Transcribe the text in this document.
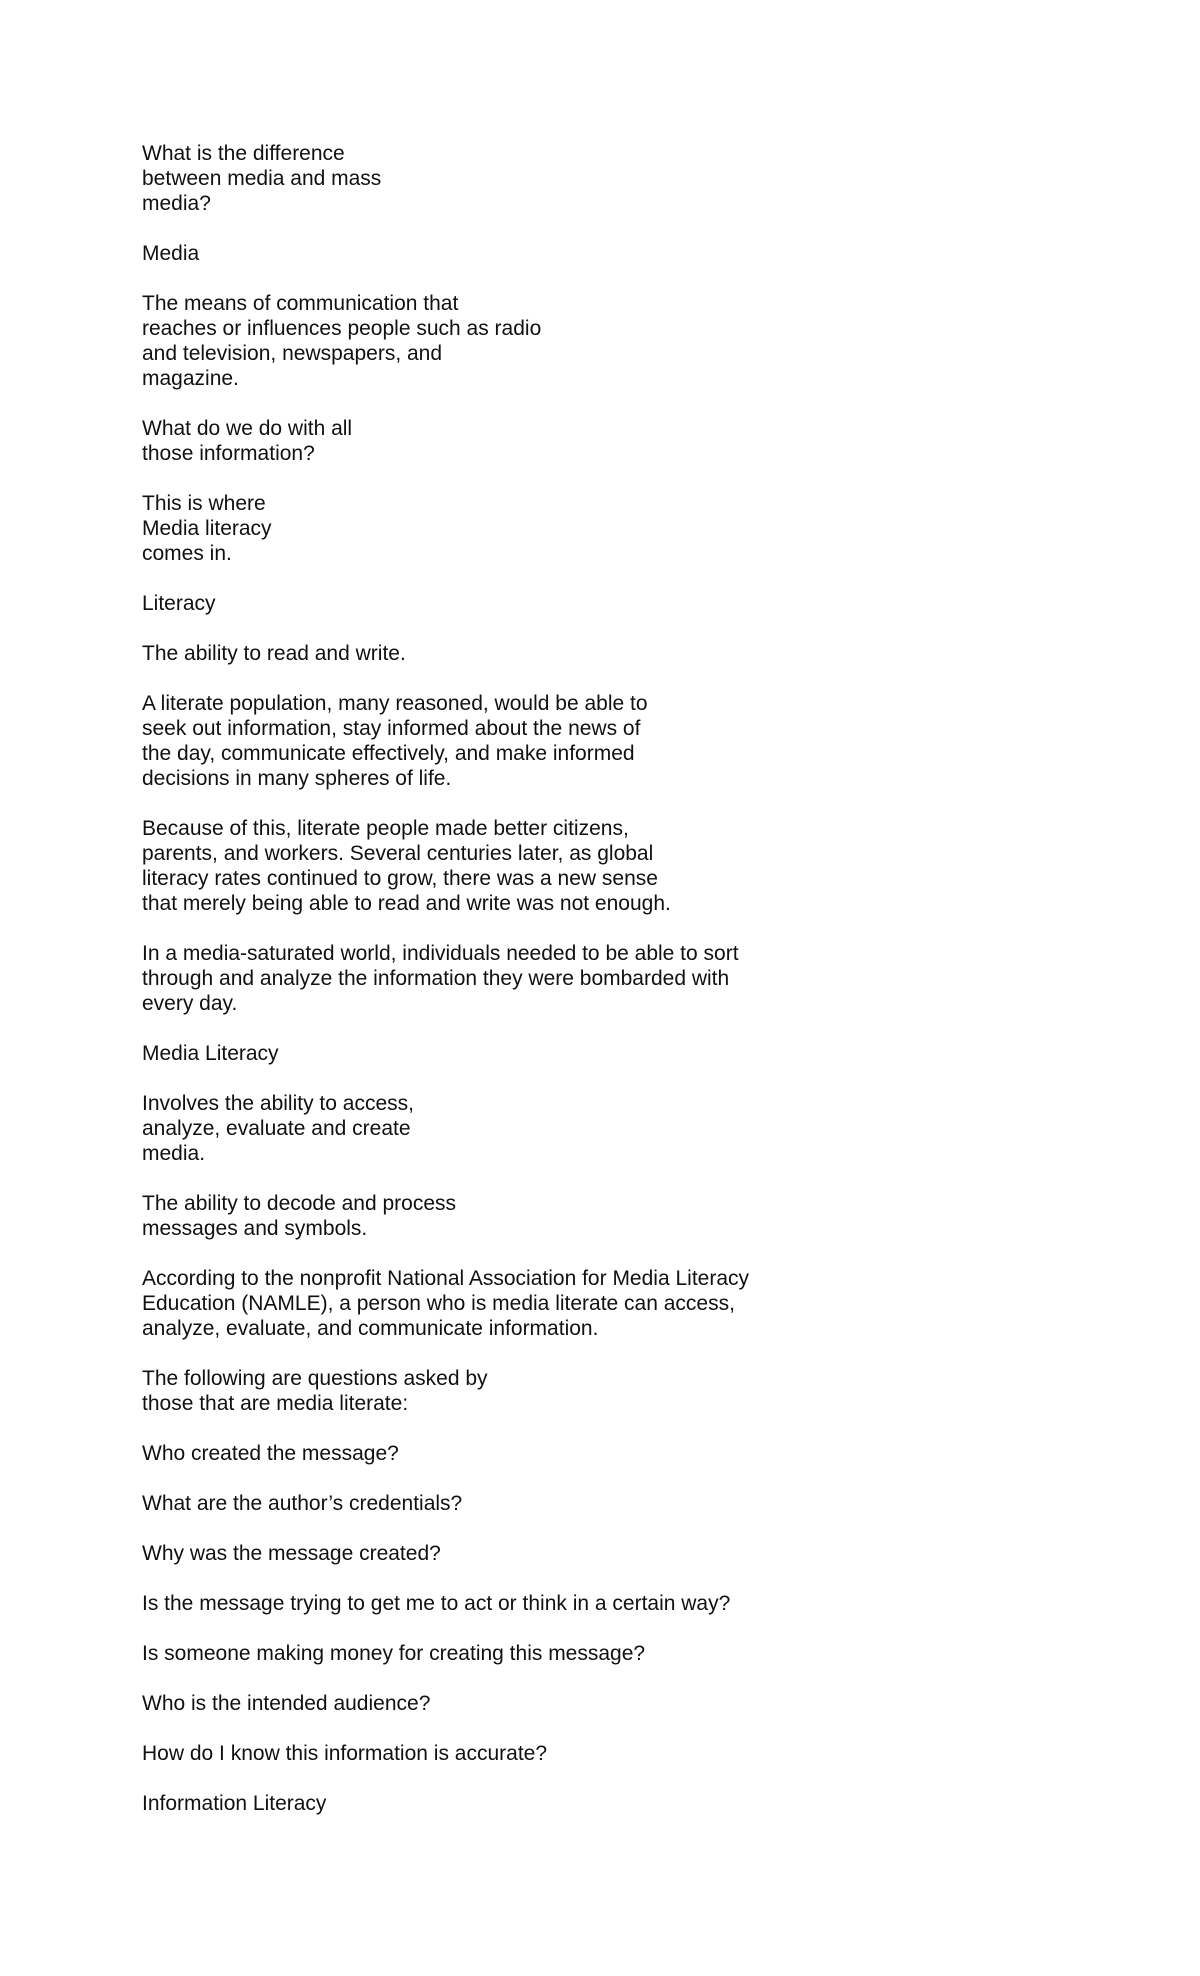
What is the difference
between media and mass
media?

Media

The means of communication that
reaches or influences people such as radio
and television, newspapers, and
magazine.

What do we do with all
those information?

This is where
Media literacy
comes in.

Literacy

The ability to read and write.

A literate population, many reasoned, would be able to
seek out information, stay informed about the news of
the day, communicate effectively, and make informed
decisions in many spheres of life.

Because of this, literate people made better citizens,
parents, and workers. Several centuries later, as global
literacy rates continued to grow, there was a new sense
that merely being able to read and write was not enough.

In a media-saturated world, individuals needed to be able to sort
through and analyze the information they were bombarded with
every day.

Media Literacy

Involves the ability to access,
analyze, evaluate and create
media.

The ability to decode and process
messages and symbols.

According to the nonprofit National Association for Media Literacy
Education (NAMLE), a person who is media literate can access,
analyze, evaluate, and communicate information.

The following are questions asked by
those that are media literate:

Who created the message?

What are the author’s credentials?

Why was the message created?

Is the message trying to get me to act or think in a certain way?

Is someone making money for creating this message?

Who is the intended audience?

How do I know this information is accurate?

Information Literacy
